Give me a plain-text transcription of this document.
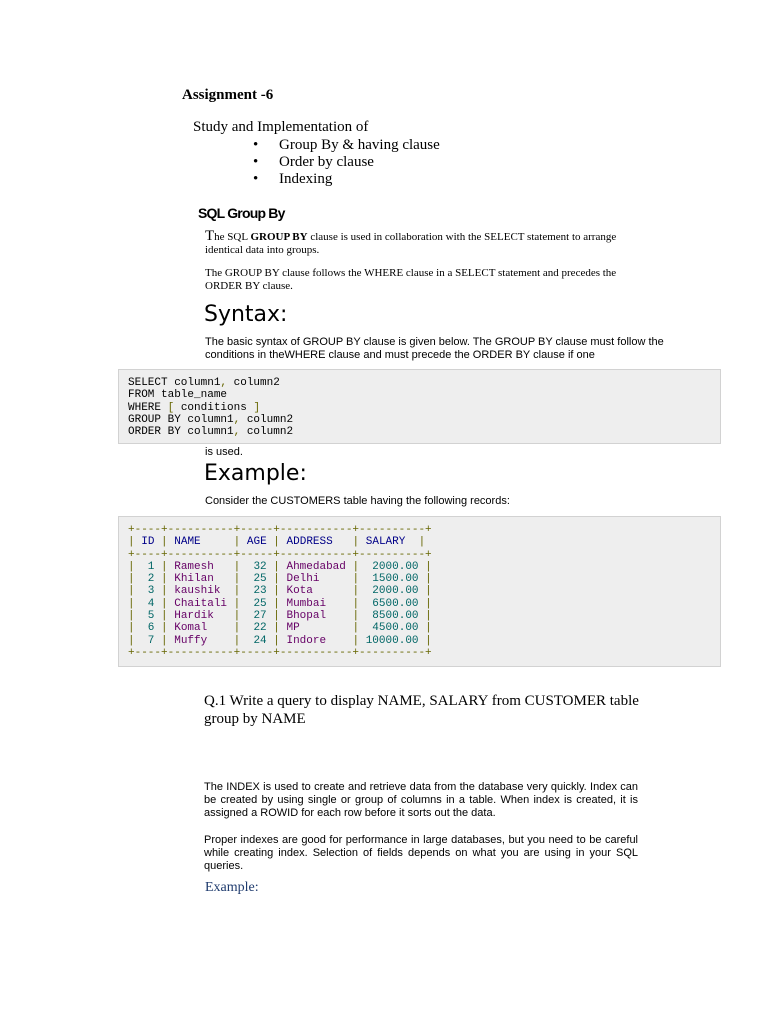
Assignment -6
Study and Implementation of
• Group By & having clause
• Order by clause
• Indexing
SQL Group By
The SQL GROUP BY clause is used in collaboration with the SELECT statement to arrange identical data into groups.
The GROUP BY clause follows the WHERE clause in a SELECT statement and precedes the ORDER BY clause.
Syntax:
The basic syntax of GROUP BY clause is given below. The GROUP BY clause must follow the conditions in theWHERE clause and must precede the ORDER BY clause if one
SELECT column1, column2
FROM table_name
WHERE [ conditions ]
GROUP BY column1, column2
ORDER BY column1, column2
is used.
Example:
Consider the CUSTOMERS table having the following records:
+----+----------+-----+-----------+----------+
| ID | NAME     | AGE | ADDRESS   | SALARY  |
+----+----------+-----+-----------+----------+
|  1 | Ramesh   |  32 | Ahmedabad |  2000.00 |
|  2 | Khilan   |  25 | Delhi     |  1500.00 |
|  3 | kaushik  |  23 | Kota      |  2000.00 |
|  4 | Chaitali |  25 | Mumbai    |  6500.00 |
|  5 | Hardik   |  27 | Bhopal    |  8500.00 |
|  6 | Komal    |  22 | MP        |  4500.00 |
|  7 | Muffy    |  24 | Indore    | 10000.00 |
+----+----------+-----+-----------+----------+
Q.1 Write a query to display NAME, SALARY from CUSTOMER table group by NAME
The INDEX is used to create and retrieve data from the database very quickly. Index can be created by using single or group of columns in a table. When index is created, it is assigned a ROWID for each row before it sorts out the data.
Proper indexes are good for performance in large databases, but you need to be careful while creating index. Selection of fields depends on what you are using in your SQL queries.
Example:
